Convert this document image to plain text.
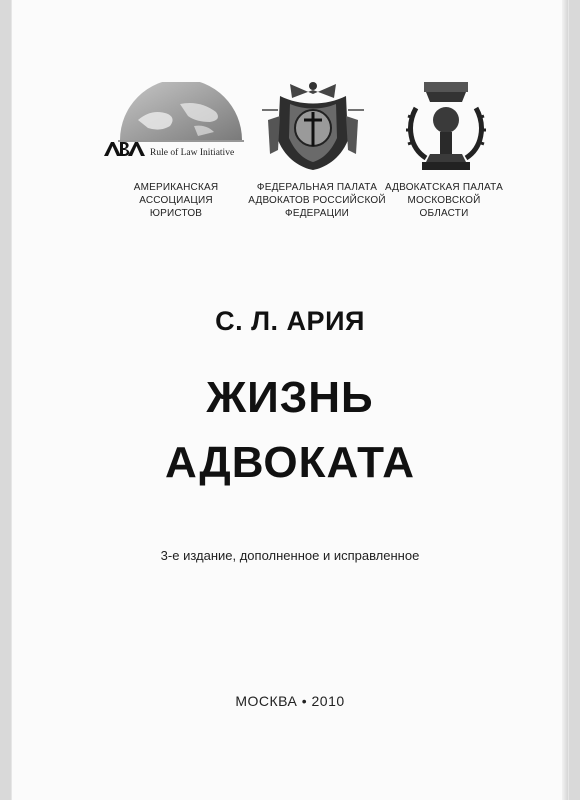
Rule of Law Initiative
АМЕРИКАНСКАЯ
АССОЦИАЦИЯ
ЮРИСТОВ
ФЕДЕРАЛЬНАЯ ПАЛАТА
АДВОКАТОВ РОССИЙСКОЙ
ФЕДЕРАЦИИ
АДВОКАТСКАЯ ПАЛАТА
МОСКОВСКОЙ
ОБЛАСТИ
С. Л. АРИЯ
ЖИЗНЬ
АДВОКАТА
3-е издание, дополненное и исправленное
МОСКВА • 2010
